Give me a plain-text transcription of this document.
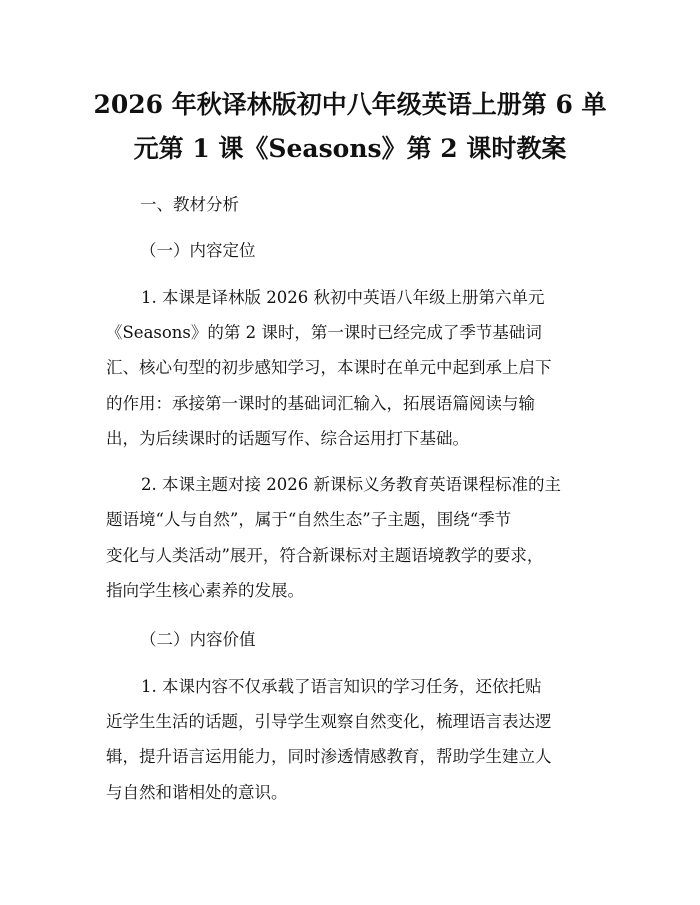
2026 年秋译林版初中八年级英语上册第 6 单
元第 1 课《Seasons》第 2 课时教案
一、教材分析
（一）内容定位
1. 本课是译林版 2026 秋初中英语八年级上册第六单元
《Seasons》的第 2 课时，第一课时已经完成了季节基础词
汇、核心句型的初步感知学习，本课时在单元中起到承上启下
的作用：承接第一课时的基础词汇输入，拓展语篇阅读与输
出，为后续课时的话题写作、综合运用打下基础。
2. 本课主题对接 2026 新课标义务教育英语课程标准的主
题语境“人与自然”，属于“自然生态”子主题，围绕“季节
变化与人类活动”展开，符合新课标对主题语境教学的要求，
指向学生核心素养的发展。
（二）内容价值
1. 本课内容不仅承载了语言知识的学习任务，还依托贴
近学生生活的话题，引导学生观察自然变化，梳理语言表达逻
辑，提升语言运用能力，同时渗透情感教育，帮助学生建立人
与自然和谐相处的意识。
